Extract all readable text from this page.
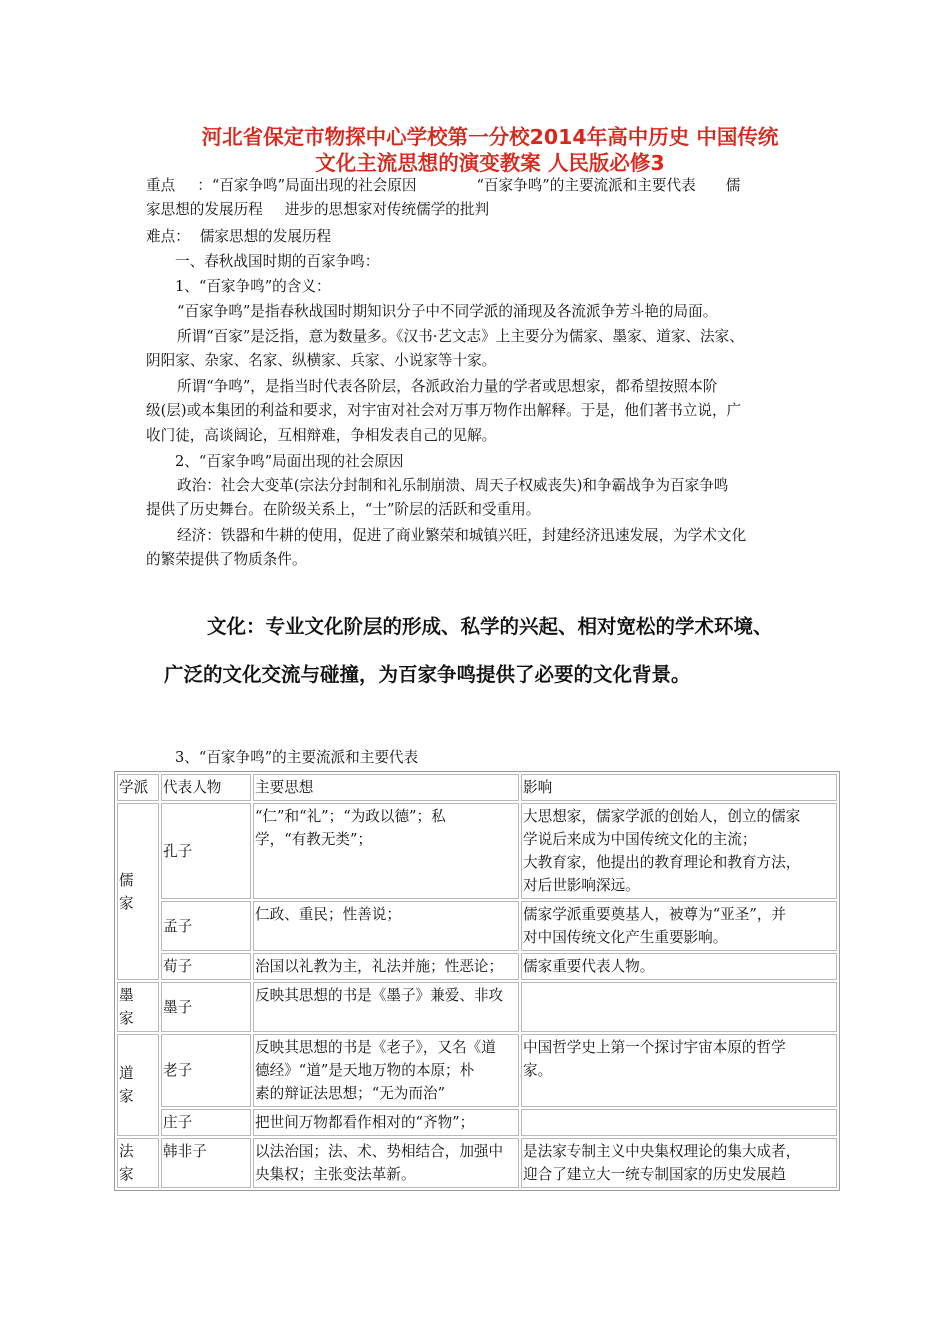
河北省保定市物探中心学校第一分校2014年高中历史 中国传统
文化主流思想的演变教案 人民版必修3
重点 ：“百家争鸣”局面出现的社会原因	“百家争鸣”的主要流派和主要代表 儒
家思想的发展历程 进步的思想家对传统儒学的批判
难点： 儒家思想的发展历程
一、春秋战国时期的百家争鸣：
1、“百家争鸣”的含义：
“百家争鸣”是指春秋战国时期知识分子中不同学派的涌现及各流派争芳斗艳的局面。
所谓“百家”是泛指，意为数量多。《汉书·艺文志》上主要分为儒家、墨家、道家、法家、
阴阳家、杂家、名家、纵横家、兵家、小说家等十家。
所谓“争鸣”，是指当时代表各阶层，各派政治力量的学者或思想家，都希望按照本阶
级(层)或本集团的利益和要求，对宇宙对社会对万事万物作出解释。于是，他们著书立说，广
收门徒，高谈阔论，互相辩难，争相发表自己的见解。
2、“百家争鸣”局面出现的社会原因
政治：社会大变革(宗法分封制和礼乐制崩溃、周天子权威丧失)和争霸战争为百家争鸣
提供了历史舞台。在阶级关系上，“士”阶层的活跃和受重用。
经济：铁器和牛耕的使用，促进了商业繁荣和城镇兴旺，封建经济迅速发展，为学术文化
的繁荣提供了物质条件。
文化：专业文化阶层的形成、私学的兴起、相对宽松的学术环境、
广泛的文化交流与碰撞，为百家争鸣提供了必要的文化背景。
3、“百家争鸣”的主要流派和主要代表
学派	代表人物	主要思想	影响

儒
家	孔子	“仁”和“礼”；“为政以德”；私
学，“有教无类”；	大思想家，儒家学派的创始人，创立的儒家
学说后来成为中国传统文化的主流；
大教育家，他提出的教育理论和教育方法，
对后世影响深远。

	孟子	仁政、重民；性善说；	儒家学派重要奠基人，被尊为“亚圣”，并
对中国传统文化产生重要影响。

	荀子	治国以礼教为主，礼法并施；性恶论；	儒家重要代表人物。

墨
家	墨子	反映其思想的书是《墨子》兼爱、非攻	

道
家	老子	反映其思想的书是《老子》，又名《道
德经》“道”是天地万物的本原；朴
素的辩证法思想；“无为而治”	中国哲学史上第一个探讨宇宙本原的哲学
家。

	庄子	把世间万物都看作相对的“齐物”；	

法
家	韩非子	以法治国；法、术、势相结合，加强中
央集权；主张变法革新。	是法家专制主义中央集权理论的集大成者，
迎合了建立大一统专制国家的历史发展趋
